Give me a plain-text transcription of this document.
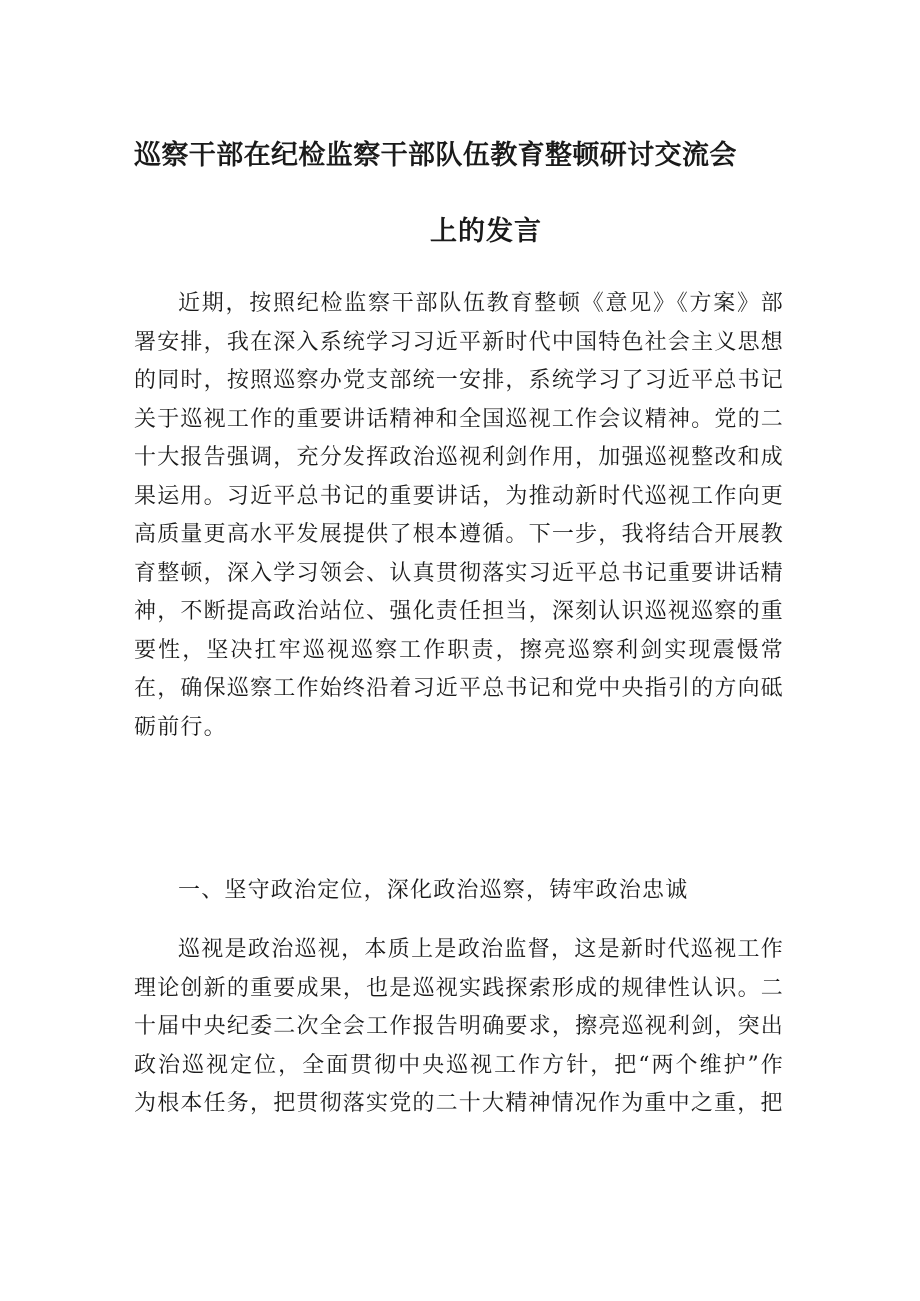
巡察干部在纪检监察干部队伍教育整顿研讨交流会
上的发言

近期，按照纪检监察干部队伍教育整顿《意见》《方案》部署安排，我在深入系统学习习近平新时代中国特色社会主义思想的同时，按照巡察办党支部统一安排，系统学习了习近平总书记关于巡视工作的重要讲话精神和全国巡视工作会议精神。党的二十大报告强调，充分发挥政治巡视利剑作用，加强巡视整改和成果运用。习近平总书记的重要讲话，为推动新时代巡视工作向更高质量更高水平发展提供了根本遵循。下一步，我将结合开展教育整顿，深入学习领会、认真贯彻落实习近平总书记重要讲话精神，不断提高政治站位、强化责任担当，深刻认识巡视巡察的重要性，坚决扛牢巡视巡察工作职责，擦亮巡察利剑实现震慑常在，确保巡察工作始终沿着习近平总书记和党中央指引的方向砥砺前行。

一、坚守政治定位，深化政治巡察，铸牢政治忠诚

巡视是政治巡视，本质上是政治监督，这是新时代巡视工作理论创新的重要成果，也是巡视实践探索形成的规律性认识。二十届中央纪委二次全会工作报告明确要求，擦亮巡视利剑，突出政治巡视定位，全面贯彻中央巡视工作方针，把“两个维护”作为根本任务，把贯彻落实党的二十大精神情况作为重中之重，把
